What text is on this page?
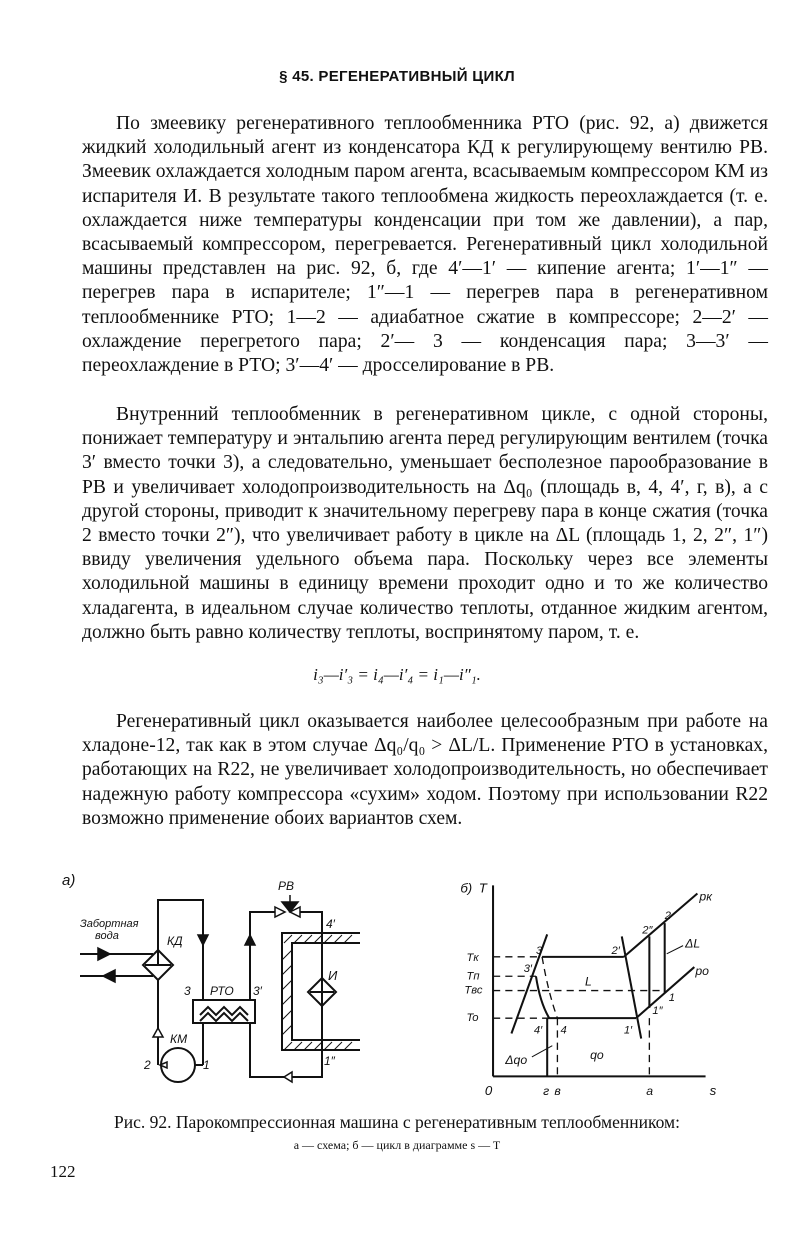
§ 45. РЕГЕНЕРАТИВНЫЙ ЦИКЛ

По змеевику регенеративного теплообменника РТО (рис. 92, а) движется жидкий холодильный агент из конденсатора КД к регулирующему вентилю РВ. Змеевик охлаждается холодным паром агента, всасываемым компрессором КМ из испарителя И. В результате такого теплообмена жидкость переохлаждается (т. е. охлаждается ниже температуры конденсации при том же давлении), а пар, всасываемый компрессором, перегревается. Регенеративный цикл холодильной машины представлен на рис. 92, б, где 4′—1′ — кипение агента; 1′—1″ — перегрев пара в испарителе; 1″—1 — перегрев пара в регенеративном теплообменнике РТО; 1—2 — адиабатное сжатие в компрессоре; 2—2′ — охлаждение перегретого пара; 2′— 3 — конденсация пара; 3—3′ — переохлаждение в РТО; 3′—4′ — дросселирование в РВ.

Внутренний теплообменник в регенеративном цикле, с одной стороны, понижает температуру и энтальпию агента перед регулирующим вентилем (точка 3′ вместо точки 3), а следовательно, уменьшает бесполезное парообразование в РВ и увеличивает холодопроизводительность на Δq₀ (площадь в, 4, 4′, г, в), а с другой стороны, приводит к значительному перегреву пара в конце сжатия (точка 2 вместо точки 2″), что увеличивает работу в цикле на ΔL (площадь 1, 2, 2″, 1″) ввиду увеличения удельного объема пара. Поскольку через все элементы холодильной машины в единицу времени проходит одно и то же количество хладагента, в идеальном случае количество теплоты, отданное жидким агентом, должно быть равно количеству теплоты, воспринятому паром, т. е.

i₃—i′₃ = i₄—i′₄ = i₁—i″₁.

Регенеративный цикл оказывается наиболее целесообразным при работе на хладоне-12, так как в этом случае Δq₀/q₀ > ΔL/L. Применение РТО в установках, работающих на R22, не увеличивает холодопроизводительность, но обеспечивает надежную работу компрессора «сухим» ходом. Поэтому при использовании R22 возможно применение обоих вариантов схем.

а)
Забортная
вода	КД
КМ
РТО
РВ
И
3	3′
4′
1″
2	1
б) T
s
0
Tк
Tп
Tвс
To
г в	a
pк
po
3
3′
2′
2″
2
1
1″
1′
4′ 4
L
ΔL
Δqo	qo
Рис. 92. Парокомпрессионная машина с регенеративным теплообменником:
а — схема; б — цикл в диаграмме s — T
122
